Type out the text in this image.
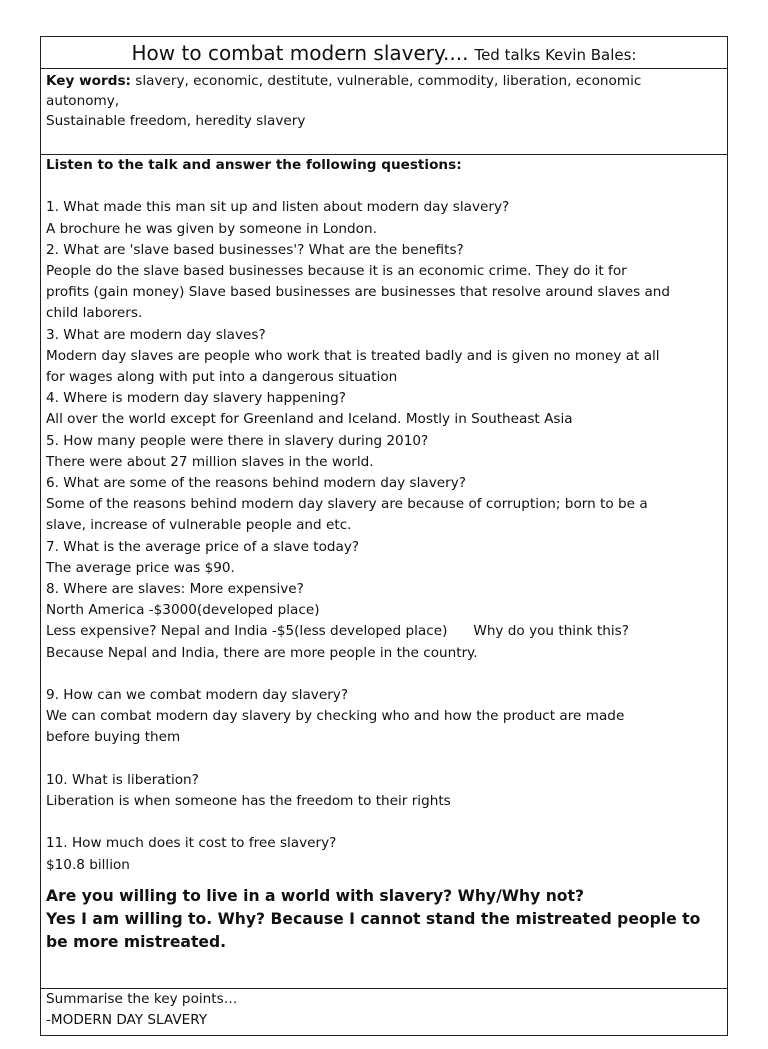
How to combat modern slavery.... Ted talks Kevin Bales:
Key words: slavery, economic, destitute, vulnerable, commodity, liberation, economic
autonomy,
Sustainable freedom, heredity slavery
Listen to the talk and answer the following questions:
1. What made this man sit up and listen about modern day slavery?
A brochure he was given by someone in London.
2. What are 'slave based businesses'? What are the benefits?
People do the slave based businesses because it is an economic crime. They do it for
profits (gain money) Slave based businesses are businesses that resolve around slaves and
child laborers.
3. What are modern day slaves?
Modern day slaves are people who work that is treated badly and is given no money at all
for wages along with put into a dangerous situation
4. Where is modern day slavery happening?
All over the world except for Greenland and Iceland. Mostly in Southeast Asia
5. How many people were there in slavery during 2010?
There were about 27 million slaves in the world.
6. What are some of the reasons behind modern day slavery?
Some of the reasons behind modern day slavery are because of corruption; born to be a
slave, increase of vulnerable people and etc.
7. What is the average price of a slave today?
The average price was $90.
8. Where are slaves: More expensive?
North America -$3000(developed place)
Less expensive? Nepal and India -$5(less developed place) Why do you think this?
Because Nepal and India, there are more people in the country.
9. How can we combat modern day slavery?
We can combat modern day slavery by checking who and how the product are made
before buying them
10. What is liberation?
Liberation is when someone has the freedom to their rights
11. How much does it cost to free slavery?
$10.8 billion
Are you willing to live in a world with slavery? Why/Why not?
Yes I am willing to. Why? Because I cannot stand the mistreated people to
be more mistreated.
Summarise the key points…
-MODERN DAY SLAVERY
